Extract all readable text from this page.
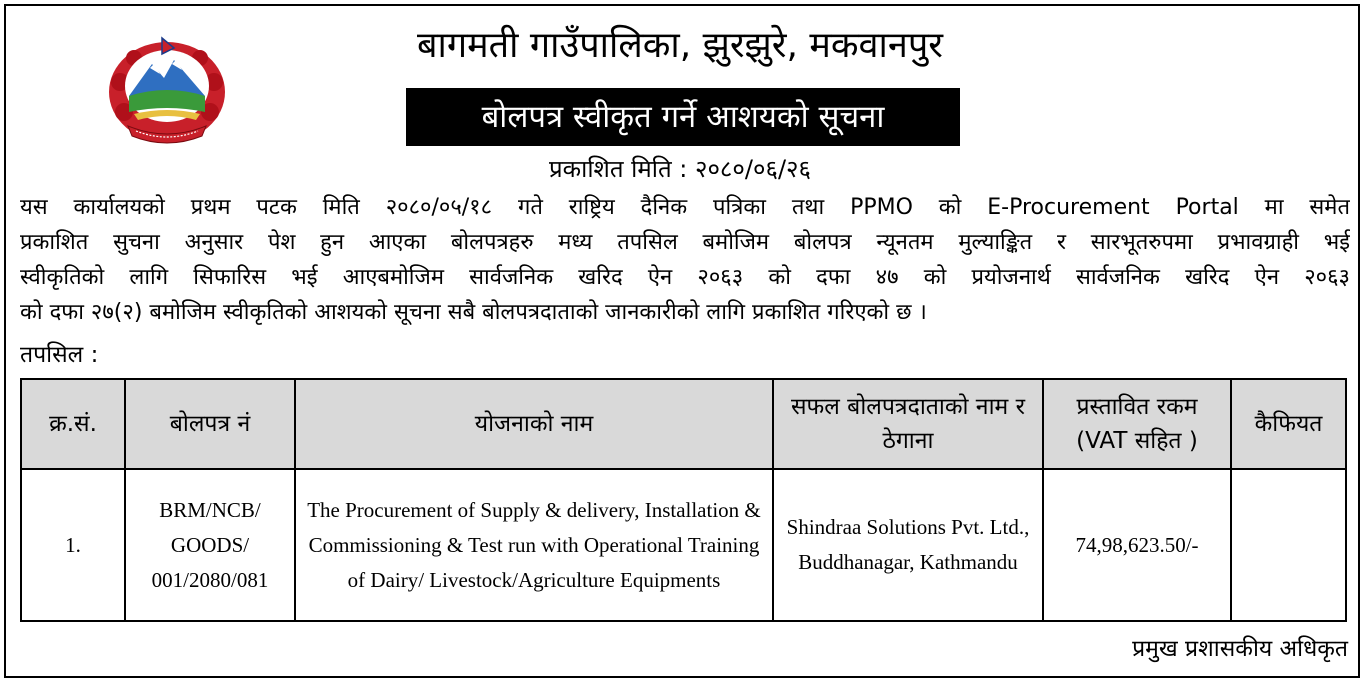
बागमती गाउँपालिका, झुरझुरे, मकवानपुर
बोलपत्र स्वीकृत गर्ने आशयको सूचना
प्रकाशित मिति : २०८०/०६/२६
यस कार्यालयको प्रथम पटक मिति २०८०/०५/१८ गते राष्ट्रिय दैनिक पत्रिका तथा PPMO को E-Procurement Portal मा समेत
प्रकाशित सुचना अनुसार पेश हुन आएका बोलपत्रहरु मध्य तपसिल बमोजिम बोलपत्र न्यूनतम मुल्याङ्कित र सारभूतरुपमा प्रभावग्राही भई
स्वीकृतिको लागि सिफारिस भई आएबमोजिम सार्वजनिक खरिद ऐन २०६३ को दफा ४७ को प्रयोजनार्थ सार्वजनिक खरिद ऐन २०६३
को दफा २७(२) बमोजिम स्वीकृतिको आशयको सूचना सबै बोलपत्रदाताको जानकारीको लागि प्रकाशित गरिएको छ ।
तपसिल :
क्र.सं.	बोलपत्र नं	योजनाको नाम	सफल बोलपत्रदाताको नाम र ठेगाना	प्रस्तावित रकम (VAT सहित )	कैफियत
1.	BRM/NCB/ GOODS/ 001/2080/081	The Procurement of Supply & delivery, Installation & Commissioning & Test run with Operational Training of Dairy/ Livestock/Agriculture Equipments	Shindraa Solutions Pvt. Ltd., Buddhanagar, Kathmandu	74,98,623.50/-	
प्रमुख प्रशासकीय अधिकृत
